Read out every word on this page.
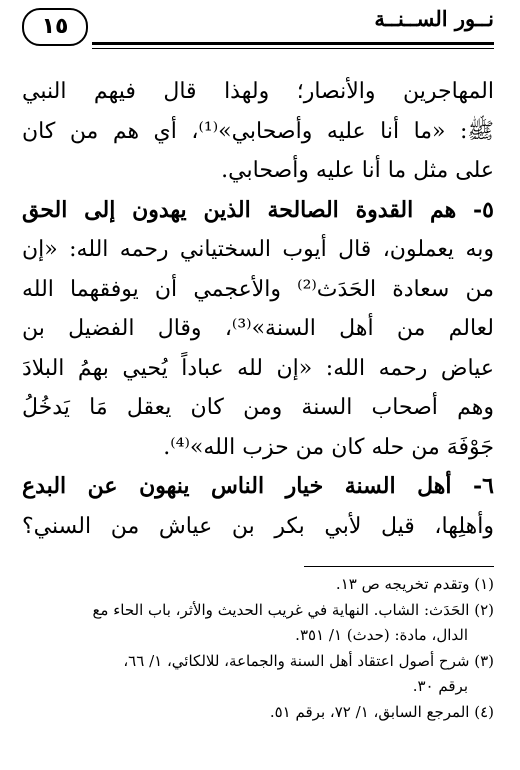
١٥	نــور الســنــة
المهاجرين والأنصار؛ ولهذا قال فيهم النبي
ﷺ: «ما أنا عليه وأصحابي»⁽¹⁾، أي هم من كان
على مثل ما أنا عليه وأصحابي.
٥- هم القدوة الصالحة الذين يهدون إلى الحق
وبه يعملون، قال أيوب السختياني رحمه الله: «إن
من سعادة الحَدَث⁽²⁾ والأعجمي أن يوفقهما الله
لعالم من أهل السنة»⁽³⁾، وقال الفضيل بن
عياض رحمه الله: «إن لله عباداً يُحيي بهمُ البلادَ
وهم أصحاب السنة ومن كان يعقل مَا يَدخُلُ
جَوْفَهَ من حله كان من حزب الله»⁽⁴⁾.
٦- أهل السنة خيار الناس ينهون عن البدع
وأهلِها، قيل لأبي بكر بن عياش من السني؟
(١) وتقدم تخريجه ص ١٣.
(٢) الحَدَث: الشاب. النهاية في غريب الحديث والأثر، باب الحاء مع
الدال، مادة: (حدث) ١/ ٣٥١.
(٣) شرح أصول اعتقاد أهل السنة والجماعة، للالكائي، ١/ ٦٦،
برقم ٣٠.
(٤) المرجع السابق، ١/ ٧٢، برقم ٥١.
